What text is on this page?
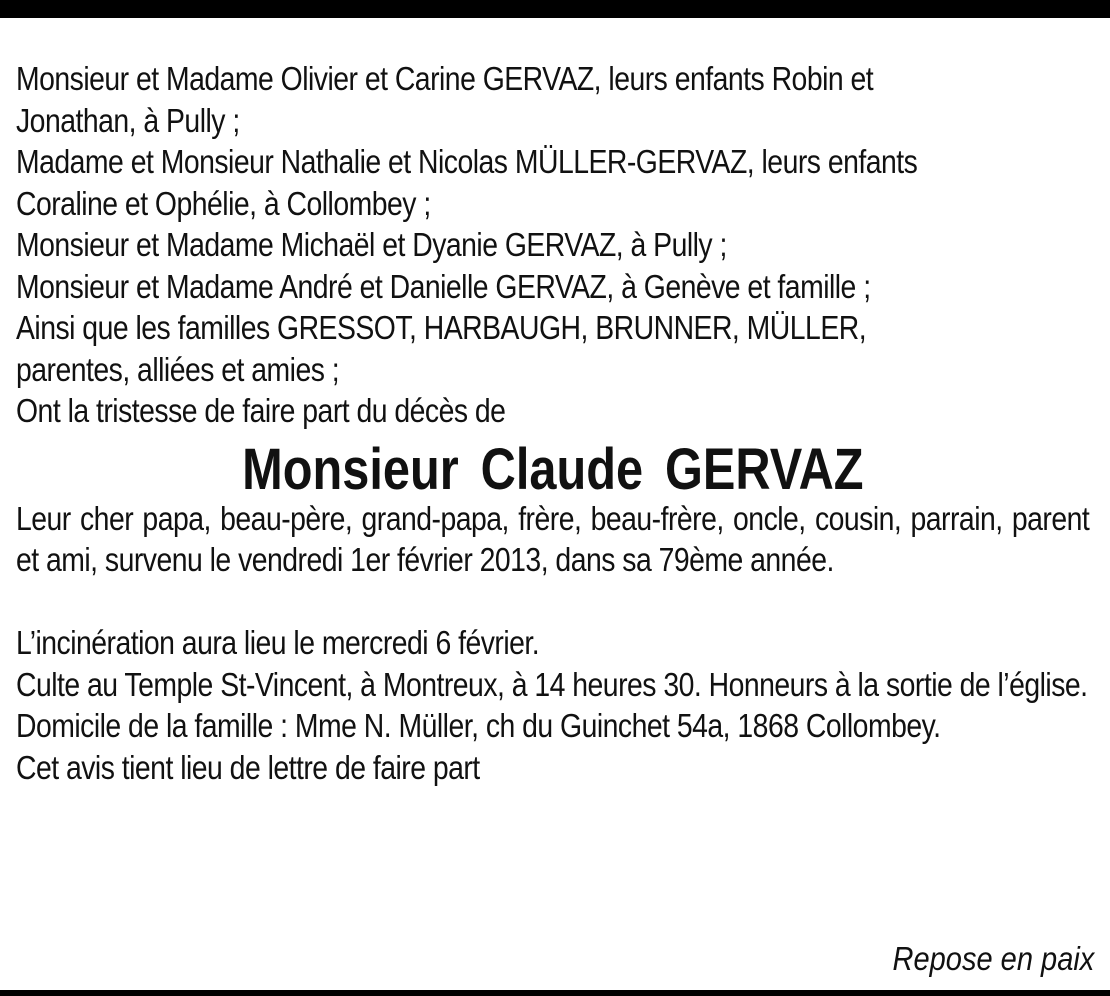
Monsieur et Madame Olivier et Carine GERVAZ, leurs enfants Robin et
Jonathan, à Pully ;
Madame et Monsieur Nathalie et Nicolas MÜLLER-GERVAZ, leurs enfants
Coraline et Ophélie, à Collombey ;
Monsieur et Madame Michaël et Dyanie GERVAZ, à Pully ;
Monsieur et Madame André et Danielle GERVAZ, à Genève et famille ;
Ainsi que les familles GRESSOT, HARBAUGH, BRUNNER, MÜLLER,
parentes, alliées et amies ;
Ont la tristesse de faire part du décès de
Monsieur Claude GERVAZ
Leur cher papa, beau-père, grand-papa, frère, beau-frère, oncle, cousin, parrain, parent et ami, survenu le vendredi 1er février 2013, dans sa 79ème année.
L’incinération aura lieu le mercredi 6 février.
Culte au Temple St-Vincent, à Montreux, à 14 heures 30. Honneurs à la sortie de l’église.
Domicile de la famille : Mme N. Müller, ch du Guinchet 54a, 1868 Collombey.
Cet avis tient lieu de lettre de faire part
Repose en paix
